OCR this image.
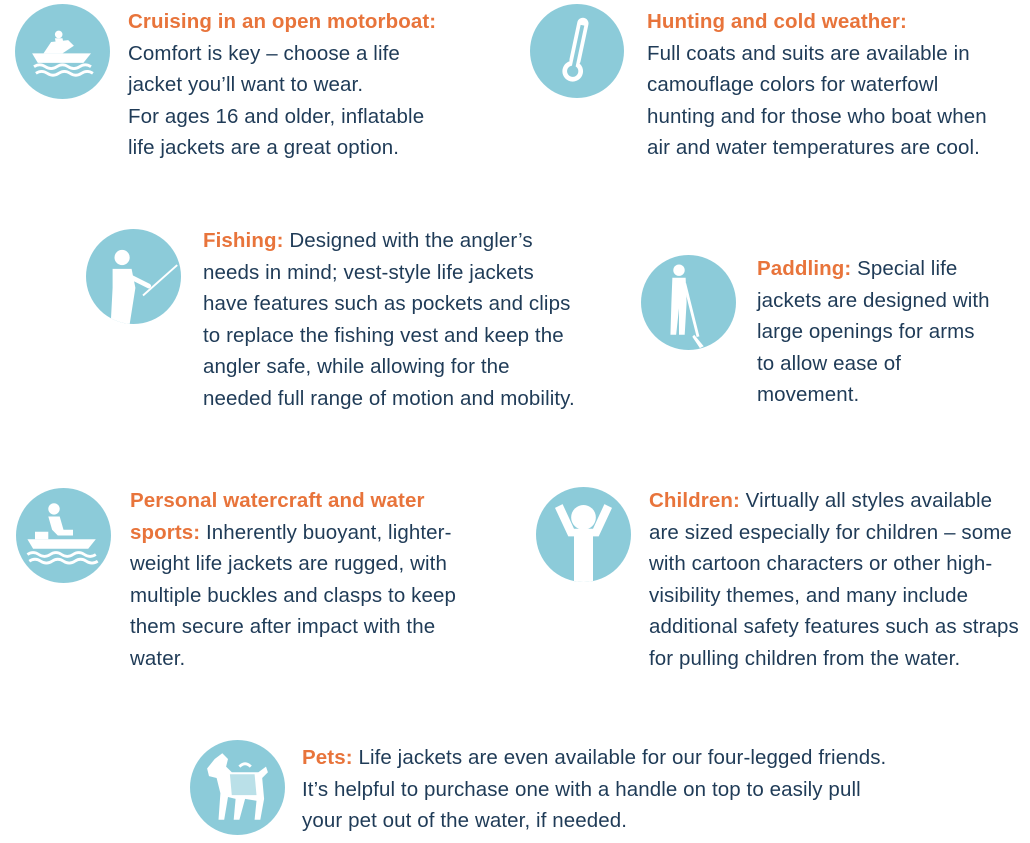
Cruising in an open motorboat:

Comfort is key – choose a life

jacket you’ll want to wear.

For ages 16 and older, inflatable

life jackets are a great option.

Hunting and cold weather:

Full coats and suits are available in camouflage colors for waterfowl hunting and for those who boat when air and water temperatures are cool.

Fishing: Designed with the angler’s needs in mind; vest-style life jackets have features such as pockets and clips to replace the fishing vest and keep the angler safe, while allowing for the needed full range of motion and mobility.

Paddling: Special life jackets are designed with large openings for arms to allow ease of movement.

Personal watercraft and water sports: Inherently buoyant, lighter-weight life jackets are rugged, with multiple buckles and clasps to keep them secure after impact with the water.

Children: Virtually all styles available are sized especially for children – some with cartoon characters or other high-visibility themes, and many include additional safety features such as straps for pulling children from the water.

Pets: Life jackets are even available for our four-legged friends. It’s helpful to purchase one with a handle on top to easily pull your pet out of the water, if needed.
